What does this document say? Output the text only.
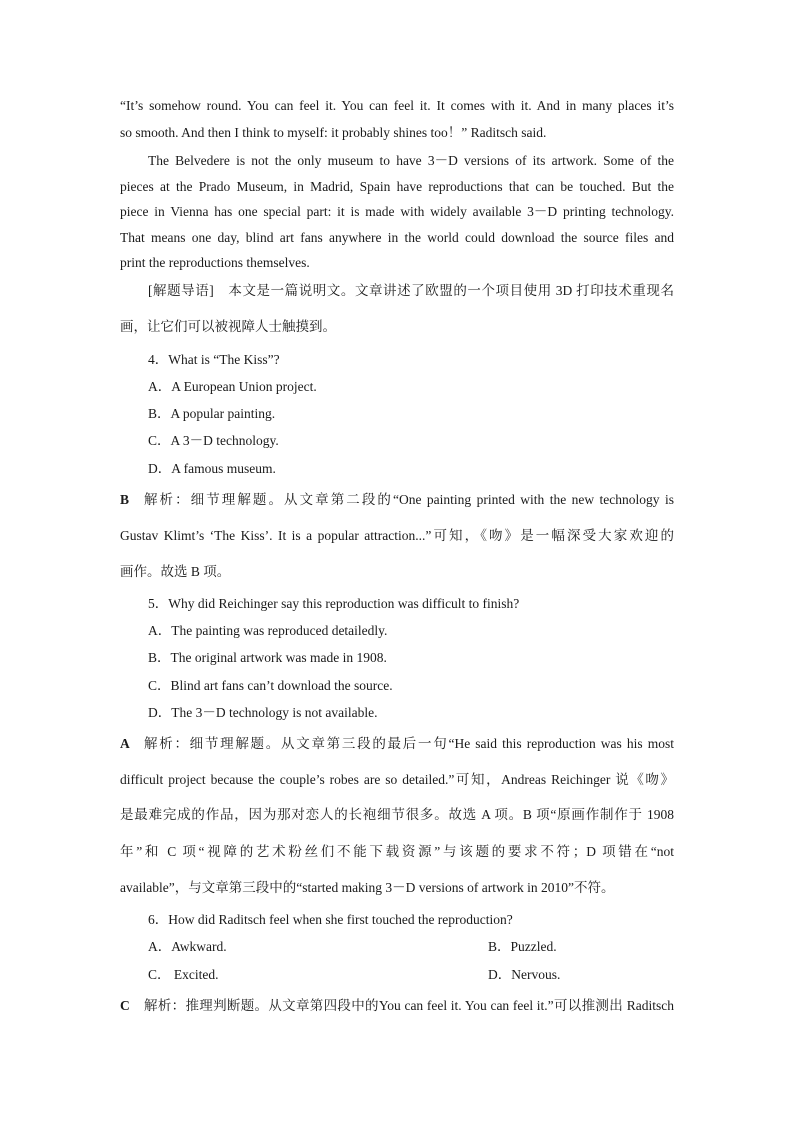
“It’s somehow round. You can feel it. You can feel it. It comes with it. And in many places it’s
so smooth. And then I think to myself: it probably shines too！” Raditsch said.
The Belvedere is not the only museum to have 3－D versions of its artwork. Some of the
pieces at the Prado Museum, in Madrid, Spain have reproductions that can be touched. But the
piece in Vienna has one special part: it is made with widely available 3－D printing technology.
That means one day, blind art fans anywhere in the world could download the source files and
print the reproductions themselves.
[解题导语]　本文是一篇说明文。文章讲述了欧盟的一个项目使用 3D 打印技术重现名
画，让它们可以被视障人士触摸到。
4．What is “The Kiss”?
A．A European Union project.
B．A popular painting.
C．A 3－D technology.
D．A famous museum.
B 解析：细节理解题。从文章第二段的“One painting printed with the new technology is
Gustav Klimt’s ‘The Kiss’. It is a popular attraction...”可知，《吻》是一幅深受大家欢迎的
画作。故选 B 项。
5．Why did Reichinger say this reproduction was difficult to finish?
A．The painting was reproduced detailedly.
B．The original artwork was made in 1908.
C．Blind art fans can’t download the source.
D．The 3－D technology is not available.
A 解析：细节理解题。从文章第三段的最后一句“He said this reproduction was his most
difficult project because the couple’s robes are so detailed.”可知，Andreas Reichinger 说《吻》
是最难完成的作品，因为那对恋人的长袍细节很多。故选 A 项。B 项“原画作制作于 1908
年”和 C 项“视障的艺术粉丝们不能下载资源”与该题的要求不符；D 项错在“not
available”，与文章第三段中的“started making 3－D versions of artwork in 2010”不符。
6．How did Raditsch feel when she first touched the reproduction?
A．Awkward.	B．Puzzled.
C． Excited.	D．Nervous.
C 解析：推理判断题。从文章第四段中的You can feel it. You can feel it.”可以推测出 Raditsch
